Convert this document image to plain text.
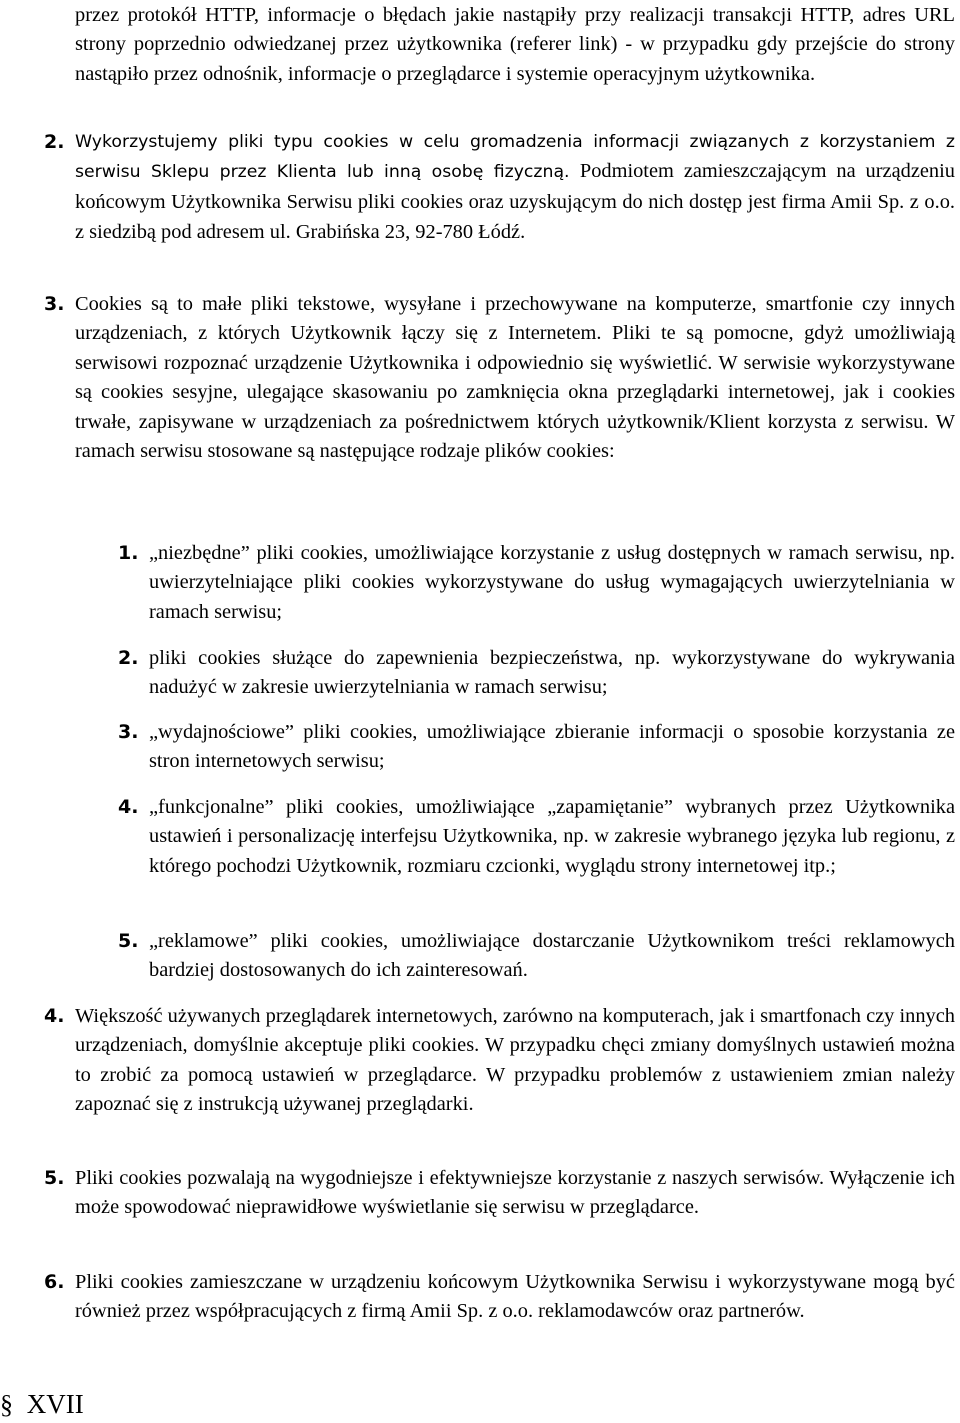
przez protokół HTTP, informacje o błędach jakie nastąpiły przy realizacji transakcji HTTP, adres URL strony poprzednio odwiedzanej przez użytkownika (referer link) - w przypadku gdy przejście do strony nastąpiło przez odnośnik, informacje o przeglądarce i systemie operacyjnym użytkownika.
2. Wykorzystujemy pliki typu cookies w celu gromadzenia informacji związanych z korzystaniem z serwisu Sklepu przez Klienta lub inną osobę fizyczną. Podmiotem zamieszczającym na urządzeniu końcowym Użytkownika Serwisu pliki cookies oraz uzyskującym do nich dostęp jest firma Amii Sp. z o.o. z siedzibą pod adresem ul. Grabińska 23, 92-780 Łódź.
3. Cookies są to małe pliki tekstowe, wysyłane i przechowywane na komputerze, smartfonie czy innych urządzeniach, z których Użytkownik łączy się z Internetem. Pliki te są pomocne, gdyż umożliwiają serwisowi rozpoznać urządzenie Użytkownika i odpowiednio się wyświetlić. W serwisie wykorzystywane są cookies sesyjne, ulegające skasowaniu po zamknięcia okna przeglądarki internetowej, jak i cookies trwałe, zapisywane w urządzeniach za pośrednictwem których użytkownik/Klient korzysta z serwisu. W ramach serwisu stosowane są następujące rodzaje plików cookies:
1. „niezbędne” pliki cookies, umożliwiające korzystanie z usług dostępnych w ramach serwisu, np. uwierzytelniające pliki cookies wykorzystywane do usług wymagających uwierzytelniania w ramach serwisu;
2. pliki cookies służące do zapewnienia bezpieczeństwa, np. wykorzystywane do wykrywania nadużyć w zakresie uwierzytelniania w ramach serwisu;
3. „wydajnościowe” pliki cookies, umożliwiające zbieranie informacji o sposobie korzystania ze stron internetowych serwisu;
4. „funkcjonalne” pliki cookies, umożliwiające „zapamiętanie” wybranych przez Użytkownika ustawień i personalizację interfejsu Użytkownika, np. w zakresie wybranego języka lub regionu, z którego pochodzi Użytkownik, rozmiaru czcionki, wyglądu strony internetowej itp.;
5. „reklamowe” pliki cookies, umożliwiające dostarczanie Użytkownikom treści reklamowych bardziej dostosowanych do ich zainteresowań.
4. Większość używanych przeglądarek internetowych, zarówno na komputerach, jak i smartfonach czy innych urządzeniach, domyślnie akceptuje pliki cookies. W przypadku chęci zmiany domyślnych ustawień można to zrobić za pomocą ustawień w przeglądarce. W przypadku problemów z ustawieniem zmian należy zapoznać się z instrukcją używanej przeglądarki.
5. Pliki cookies pozwalają na wygodniejsze i efektywniejsze korzystanie z naszych serwisów. Wyłączenie ich może spowodować nieprawidłowe wyświetlanie się serwisu w przeglądarce.
6. Pliki cookies zamieszczane w urządzeniu końcowym Użytkownika Serwisu i wykorzystywane mogą być również przez współpracujących z firmą Amii Sp. z o.o. reklamodawców oraz partnerów.
§ XVII
